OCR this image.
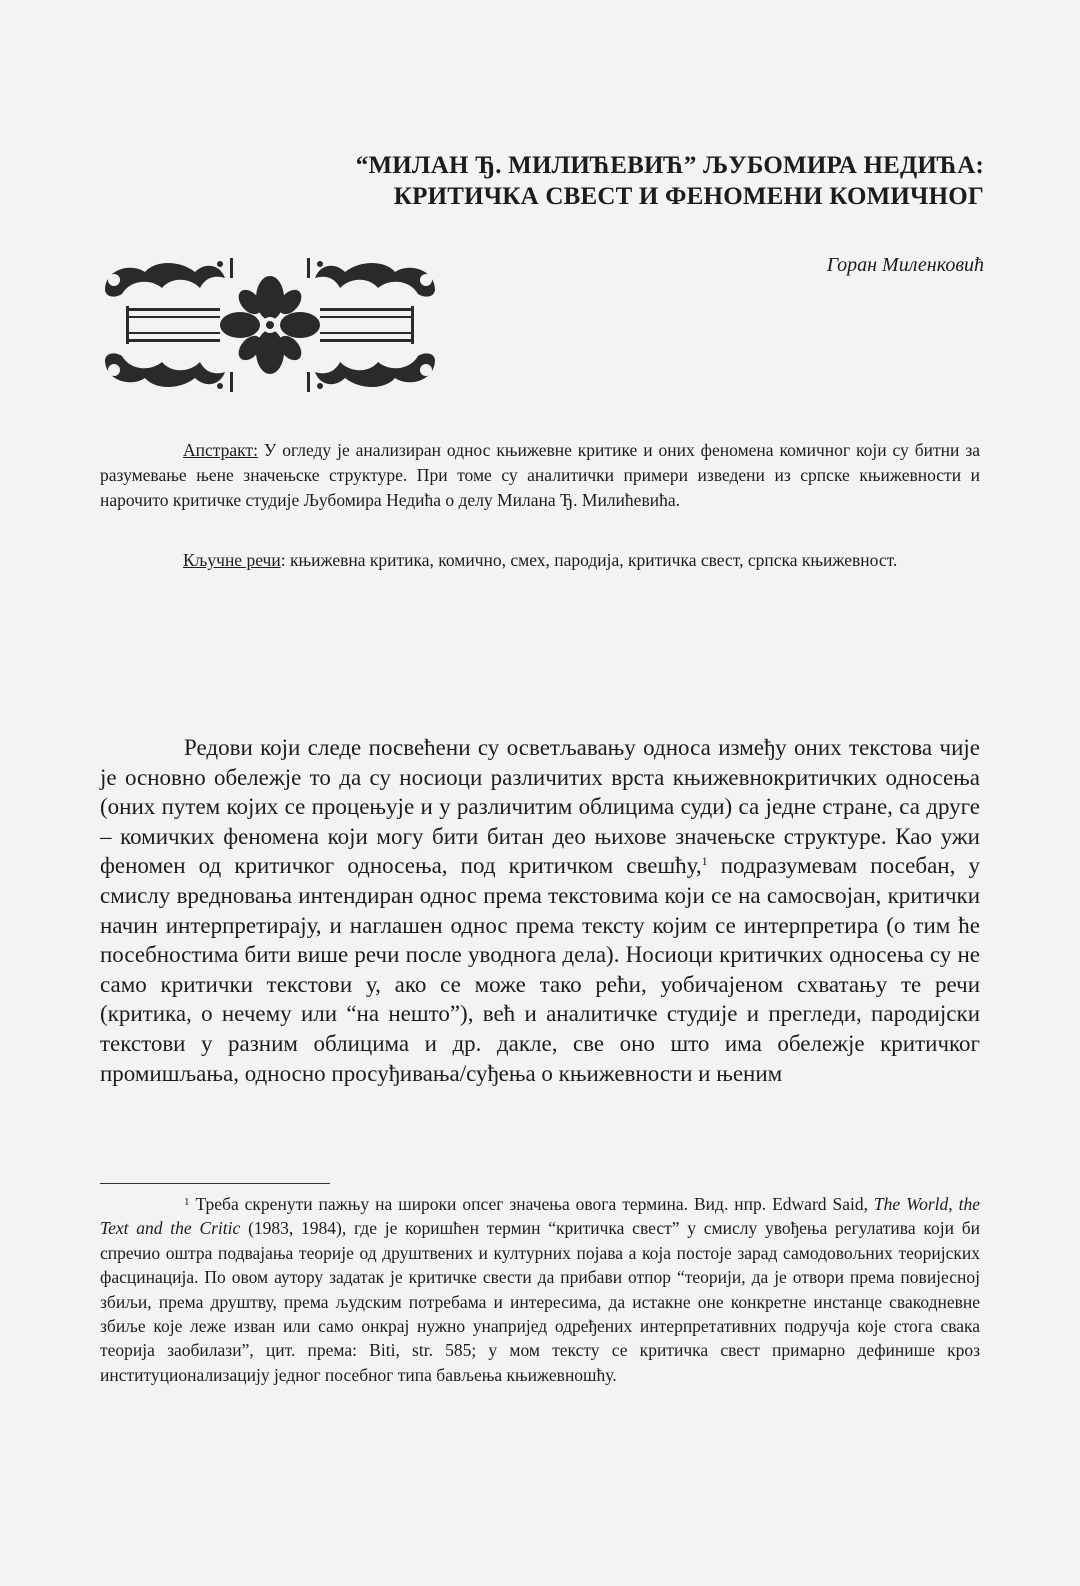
“МИЛАН Ђ. МИЛИЋЕВИЋ” ЉУБОМИРА НЕДИЋА:
КРИТИЧКА СВЕСТ И ФЕНОМЕНИ КОМИЧНОГ
Горан Миленковић

Апстракт: У огледу је анализиран однос књижевне критике и оних феномена комичног који су битни за разумевање њене значењске структуре. При томе су аналитички примери изведени из српске књижевности и нарочито критичке студије Љубомира Недића о делу Милана Ђ. Милићевића.

Кључне речи: књижевна критика, комично, смех, пародија, критичка свест, српска књижевност.

Редови који следе посвећени су осветљавању односа између оних текстова чије је основно обележје то да су носиоци различитих врста књижевнокритичких односења (оних путем којих се процењује и у различитим облицима суди) са једне стране, са друге – комичких феномена који могу бити битан део њихове значењске структуре. Као ужи феномен од критичког односења, под критичком свешћу,$^1$ подразумевам посебан, у смислу вредновања интендиран однос према текстовима који се на самосвојан, критички начин интерпретирају, и наглашен однос према тексту којим се интерпретира (о тим ће посебностима бити више речи после уводнога дела). Носиоци критичких односења су не само критички текстови у, ако се може тако рећи, уобичајеном схватању те речи (критика, о нечему или “на нешто”), већ и аналитичке студије и прегледи, пародијски текстови у разним облицима и др. дакле, све оно што има обележје критичког промишљања, односно просуђивања/суђења о књижевности и њеним

$^1$ Треба скренути пажњу на широки опсег значења овога термина. Вид. нпр. Edward Said, The World, the Text and the Critic (1983, 1984), где је коришћен термин “критичка свест” у смислу увођења регулатива који би спречио оштра подвајања теорије од друштвених и културних појава а која постоје зарад самодовољних теоријских фасцинација. По овом аутору задатак је критичке свести да прибави отпор “теорији, да је отвори према повијесној збиљи, према друштву, према људским потребама и интересима, да истакне оне конкретне инстанце свакодневне збиље које леже изван или само онкрај нужно унапријед одређених интерпретативних подручја које стога свака теорија заобилази”, цит. према: Biti, str. 585; у мом тексту се критичка свест примарно дефинише кроз институционализацију једног посебног типа бављења књижевношћу.
